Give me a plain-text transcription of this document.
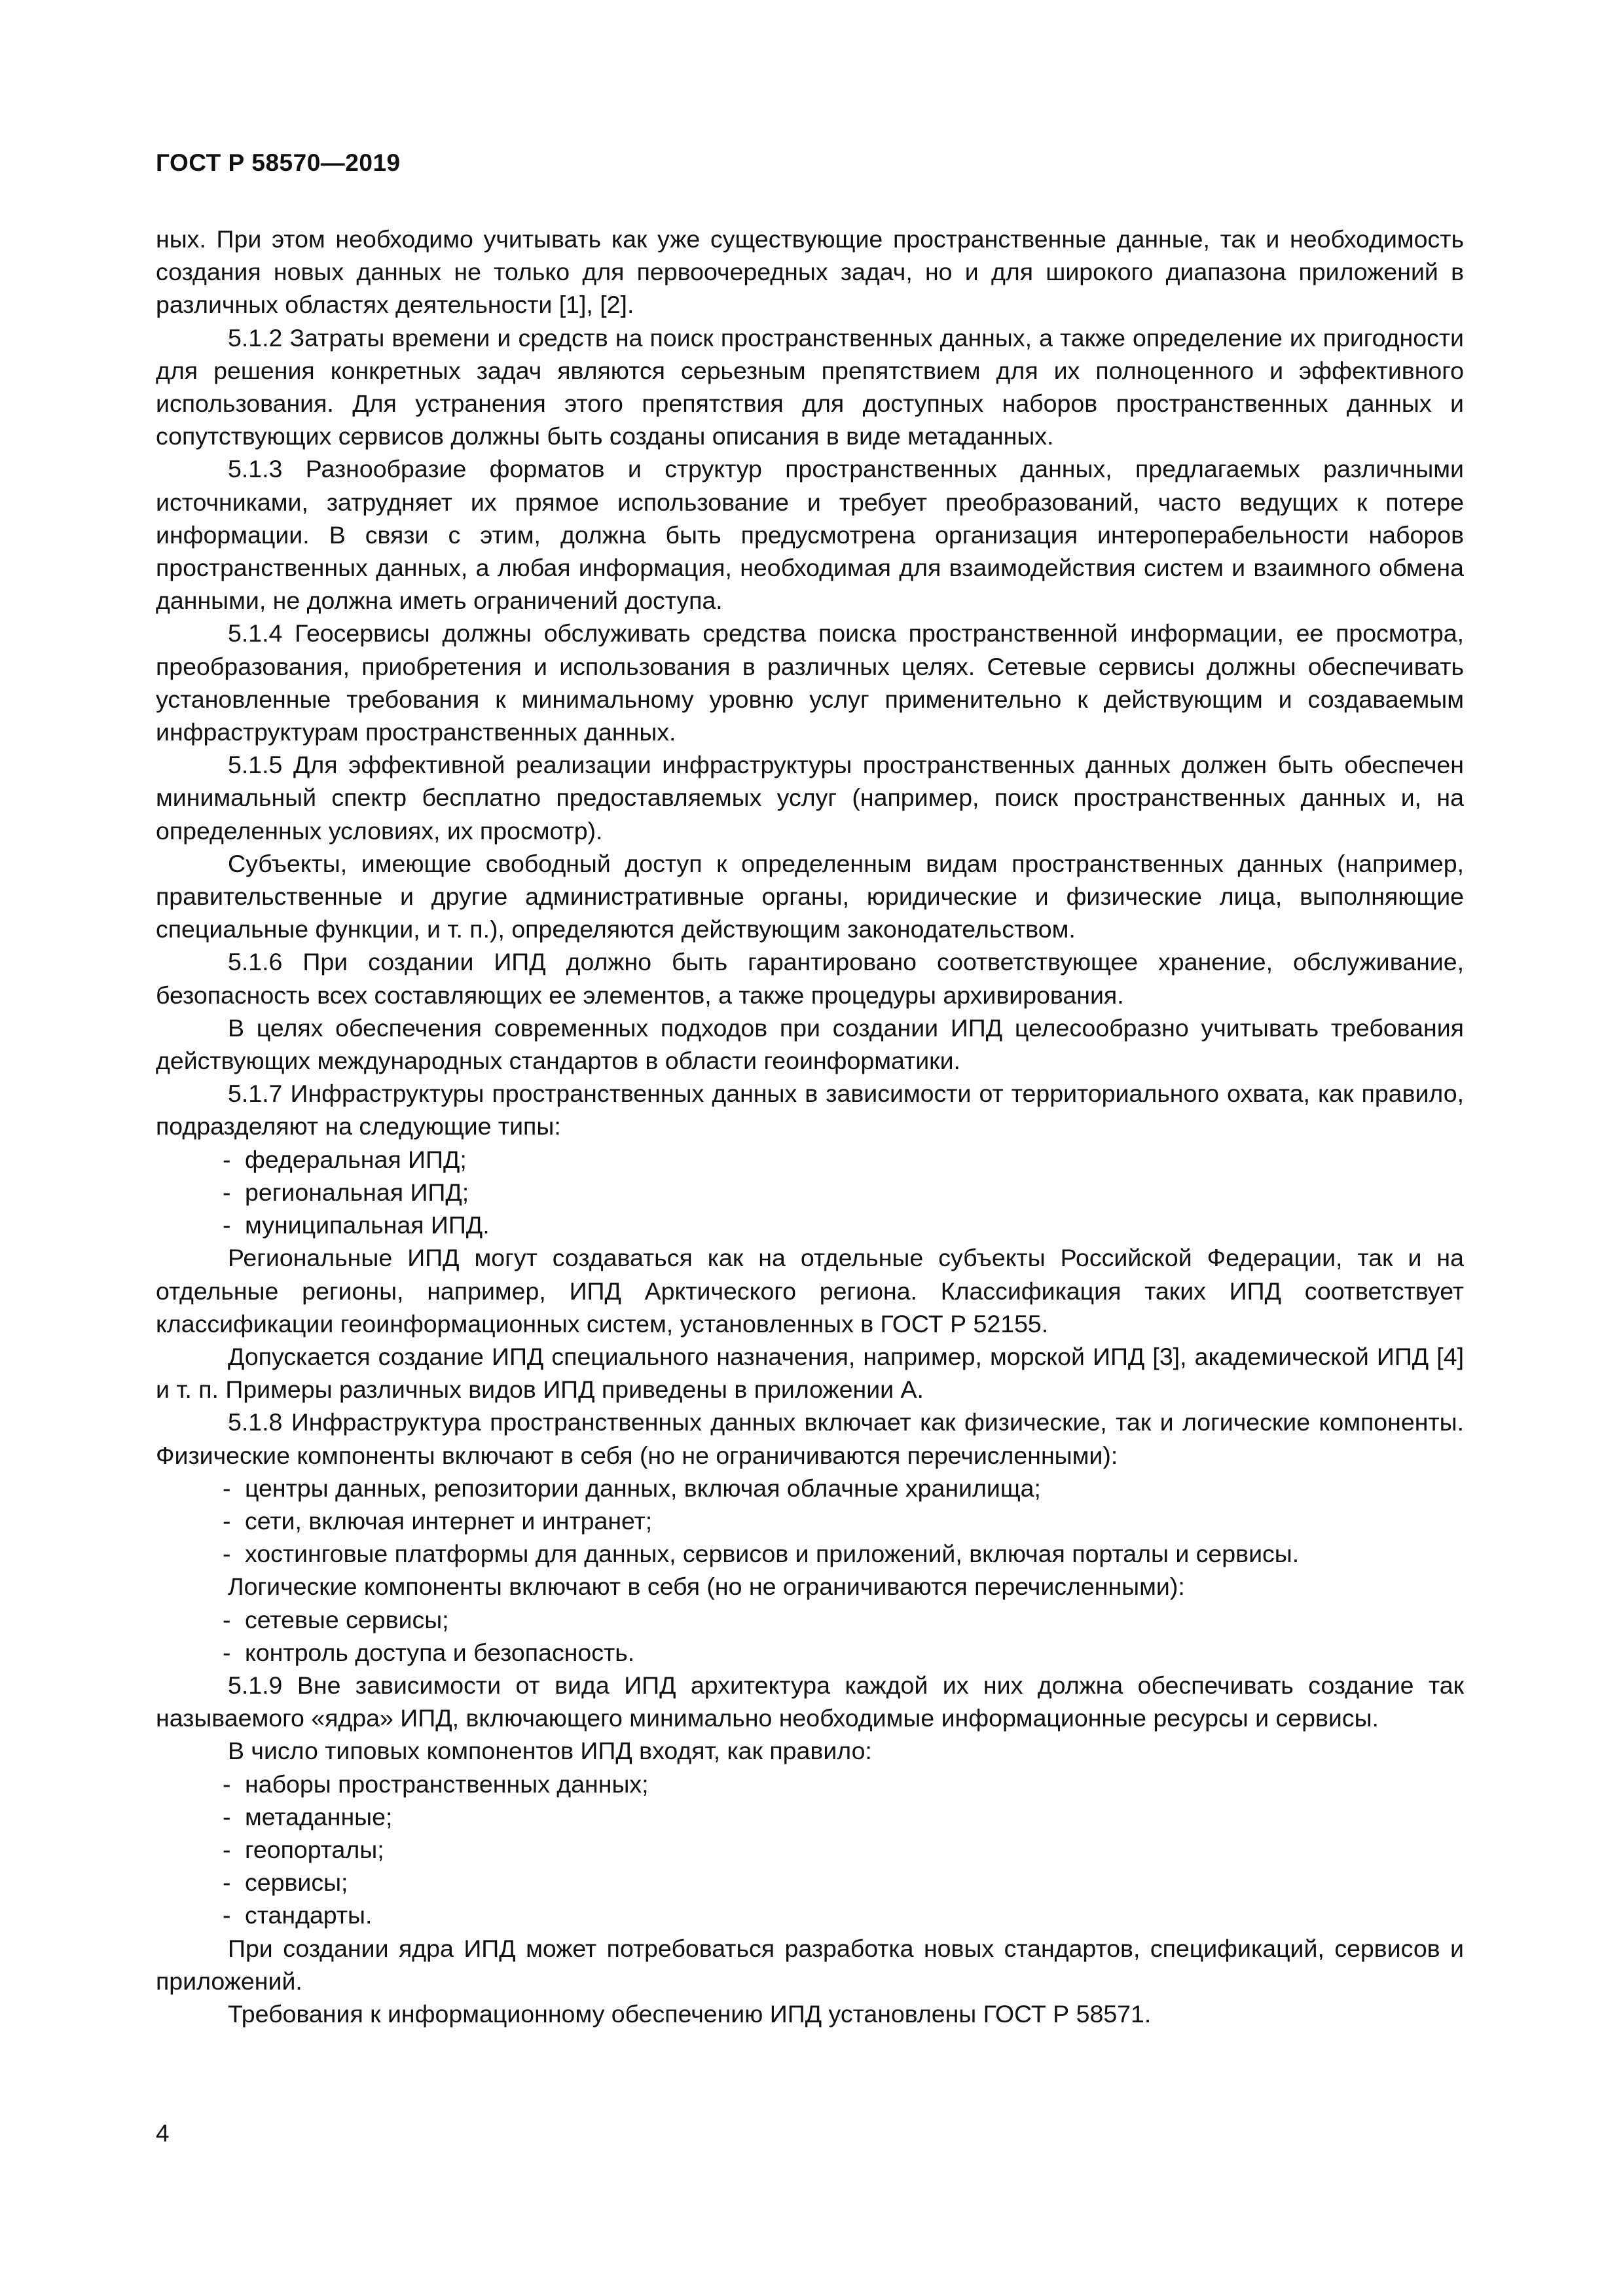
ГОСТ Р 58570—2019

ных. При этом необходимо учитывать как уже существующие пространственные данные, так и необходимость создания новых данных не только для первоочередных задач, но и для широкого диапазона приложений в различных областях деятельности [1], [2].

5.1.2 Затраты времени и средств на поиск пространственных данных, а также определение их пригодности для решения конкретных задач являются серьезным препятствием для их полноценного и эффективного использования. Для устранения этого препятствия для доступных наборов пространственных данных и сопутствующих сервисов должны быть созданы описания в виде метаданных.

5.1.3 Разнообразие форматов и структур пространственных данных, предлагаемых различными источниками, затрудняет их прямое использование и требует преобразований, часто ведущих к потере информации. В связи с этим, должна быть предусмотрена организация интероперабельности наборов пространственных данных, а любая информация, необходимая для взаимодействия систем и взаимного обмена данными, не должна иметь ограничений доступа.

5.1.4 Геосервисы должны обслуживать средства поиска пространственной информации, ее просмотра, преобразования, приобретения и использования в различных целях. Сетевые сервисы должны обеспечивать установленные требования к минимальному уровню услуг применительно к действующим и создаваемым инфраструктурам пространственных данных.

5.1.5 Для эффективной реализации инфраструктуры пространственных данных должен быть обеспечен минимальный спектр бесплатно предоставляемых услуг (например, поиск пространственных данных и, на определенных условиях, их просмотр).

Субъекты, имеющие свободный доступ к определенным видам пространственных данных (например, правительственные и другие административные органы, юридические и физические лица, выполняющие специальные функции, и т. п.), определяются действующим законодательством.

5.1.6 При создании ИПД должно быть гарантировано соответствующее хранение, обслуживание, безопасность всех составляющих ее элементов, а также процедуры архивирования.

В целях обеспечения современных подходов при создании ИПД целесообразно учитывать требования действующих международных стандартов в области геоинформатики.

5.1.7 Инфраструктуры пространственных данных в зависимости от территориального охвата, как правило, подразделяют на следующие типы:

- федеральная ИПД;
- региональная ИПД;
- муниципальная ИПД.

Региональные ИПД могут создаваться как на отдельные субъекты Российской Федерации, так и на отдельные регионы, например, ИПД Арктического региона. Классификация таких ИПД соответствует классификации геоинформационных систем, установленных в ГОСТ Р 52155.

Допускается создание ИПД специального назначения, например, морской ИПД [3], академической ИПД [4] и т. п. Примеры различных видов ИПД приведены в приложении А.

5.1.8 Инфраструктура пространственных данных включает как физические, так и логические компоненты. Физические компоненты включают в себя (но не ограничиваются перечисленными):

- центры данных, репозитории данных, включая облачные хранилища;
- сети, включая интернет и интранет;
- хостинговые платформы для данных, сервисов и приложений, включая порталы и сервисы.

Логические компоненты включают в себя (но не ограничиваются перечисленными):

- сетевые сервисы;
- контроль доступа и безопасность.

5.1.9 Вне зависимости от вида ИПД архитектура каждой их них должна обеспечивать создание так называемого «ядра» ИПД, включающего минимально необходимые информационные ресурсы и сервисы.

В число типовых компонентов ИПД входят, как правило:

- наборы пространственных данных;
- метаданные;
- геопорталы;
- сервисы;
- стандарты.

При создании ядра ИПД может потребоваться разработка новых стандартов, спецификаций, сервисов и приложений.

Требования к информационному обеспечению ИПД установлены ГОСТ Р 58571.

4
